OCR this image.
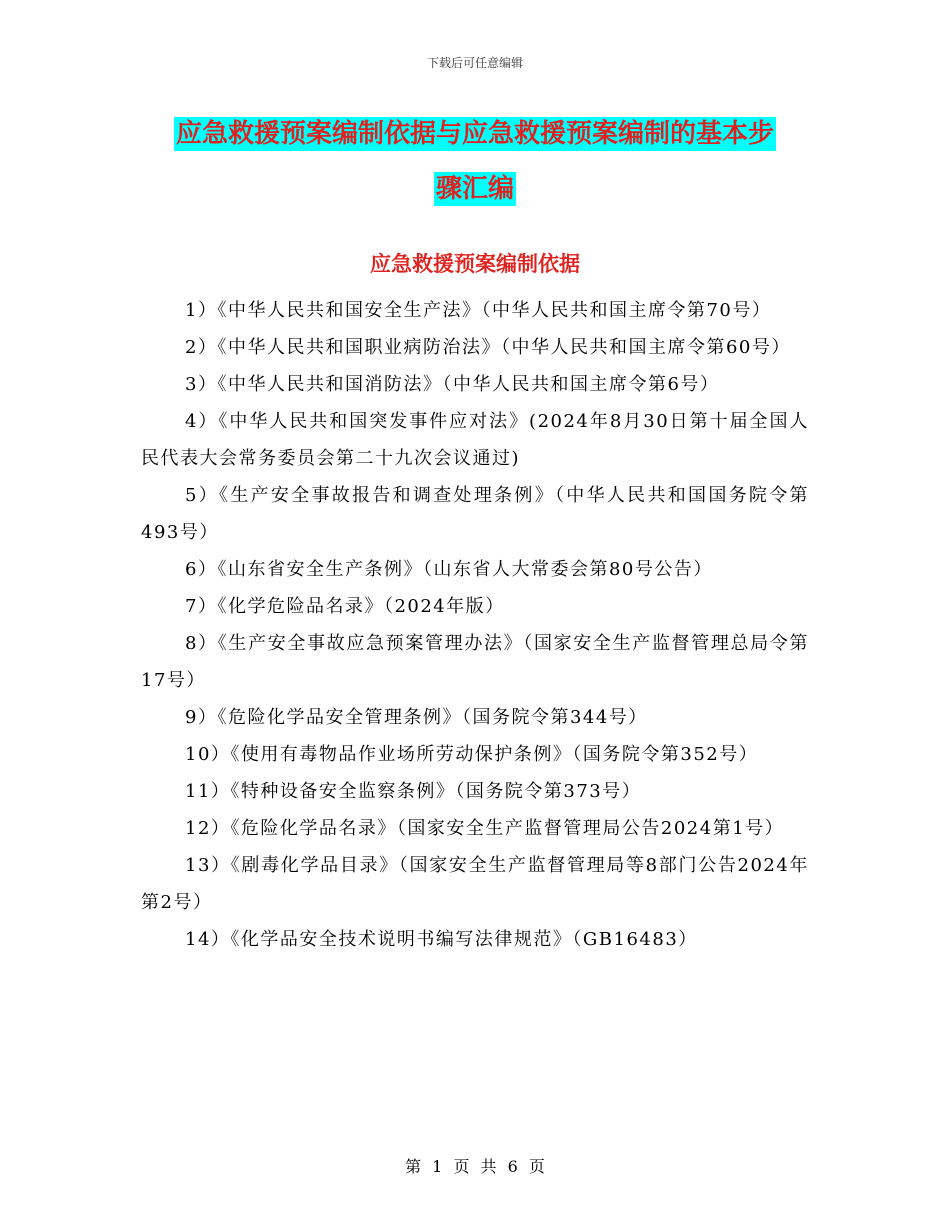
下载后可任意编辑
应急救援预案编制依据与应急救援预案编制的基本步
骤汇编
应急救援预案编制依据

1）《中华人民共和国安全生产法》（中华人民共和国主席令第70号）

2）《中华人民共和国职业病防治法》（中华人民共和国主席令第60号）

3）《中华人民共和国消防法》（中华人民共和国主席令第6号）

4）《中华人民共和国突发事件应对法》(2024年8月30日第十届全国人民代表大会常务委员会第二十九次会议通过)

5）《生产安全事故报告和调查处理条例》（中华人民共和国国务院令第493号）

6）《山东省安全生产条例》（山东省人大常委会第80号公告）

7）《化学危险品名录》（2024年版）

8）《生产安全事故应急预案管理办法》（国家安全生产监督管理总局令第17号）

9）《危险化学品安全管理条例》（国务院令第344号）

10）《使用有毒物品作业场所劳动保护条例》（国务院令第352号）

11）《特种设备安全监察条例》（国务院令第373号）

12）《危险化学品名录》（国家安全生产监督管理局公告2024第1号）

13）《剧毒化学品目录》（国家安全生产监督管理局等8部门公告2024年第2号）

14）《化学品安全技术说明书编写法律规范》（GB16483）

第 1 页 共 6 页
